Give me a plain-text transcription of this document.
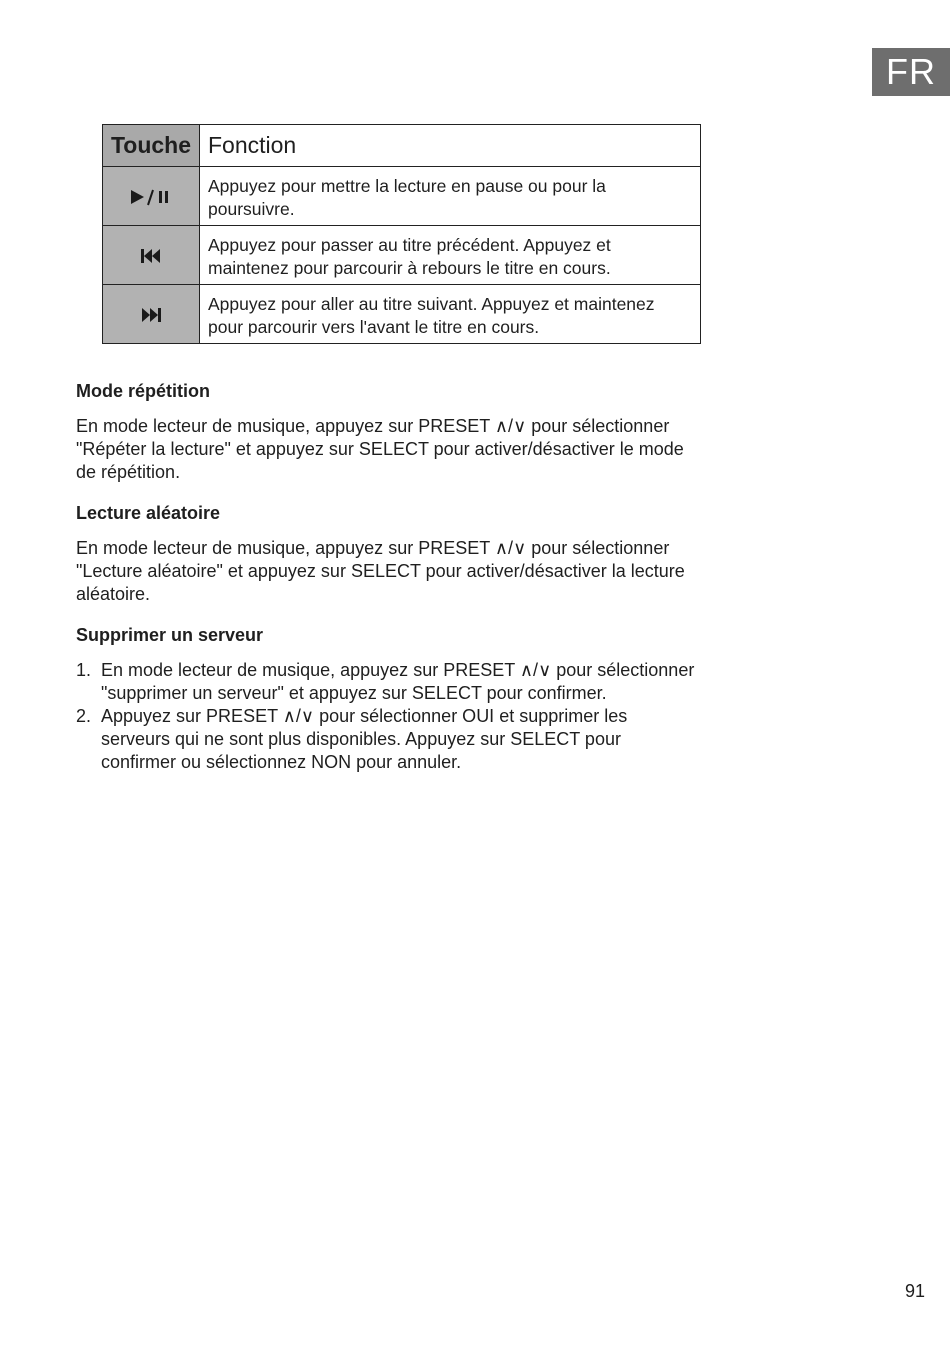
FR
Touche	Fonction
	Appuyez pour mettre la lecture en pause ou pour la poursuivre.
	Appuyez pour passer au titre précédent. Appuyez et maintenez pour parcourir à rebours le titre en cours.
	Appuyez pour aller au titre suivant. Appuyez et maintenez pour parcourir vers l'avant le titre en cours.
Mode répétition

En mode lecteur de musique, appuyez sur PRESET ∧/∨ pour sélectionner "Répéter la lecture" et appuyez sur SELECT pour activer/désactiver le mode de répétition.

Lecture aléatoire

En mode lecteur de musique, appuyez sur PRESET ∧/∨ pour sélectionner "Lecture aléatoire" et appuyez sur SELECT pour activer/désactiver la lecture aléatoire.

Supprimer un serveur
1. En mode lecteur de musique, appuyez sur PRESET ∧/∨ pour sélectionner "supprimer un serveur" et appuyez sur SELECT pour confirmer.
2. Appuyez sur PRESET ∧/∨ pour sélectionner OUI et supprimer les serveurs qui ne sont plus disponibles. Appuyez sur SELECT pour confirmer ou sélectionnez NON pour annuler.
91
